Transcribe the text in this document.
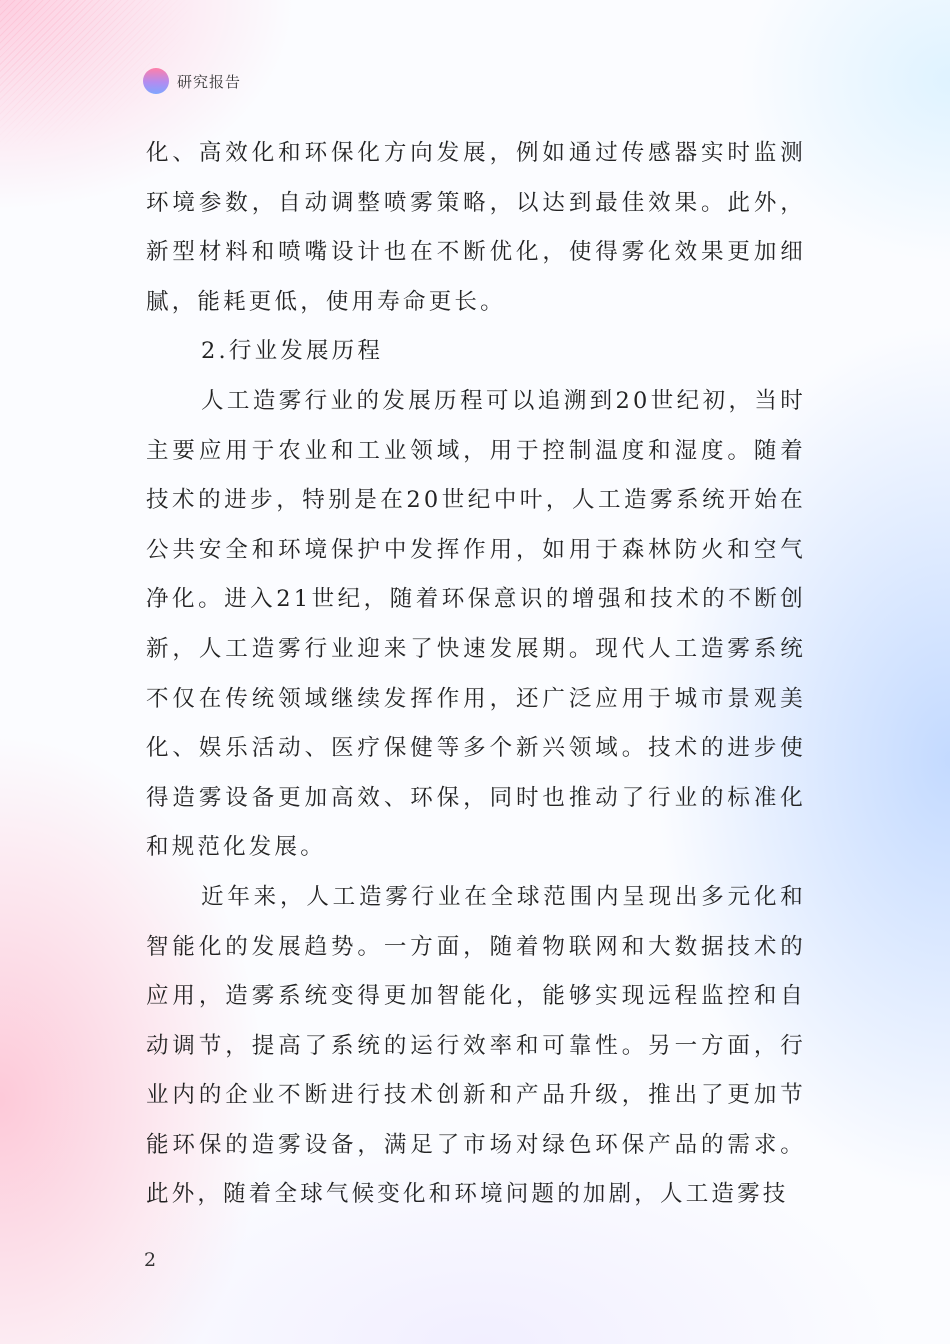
研究报告

化、高效化和环保化方向发展，例如通过传感器实时监测环境参数，自动调整喷雾策略，以达到最佳效果。此外，新型材料和喷嘴设计也在不断优化，使得雾化效果更加细腻，能耗更低，使用寿命更长。

2.行业发展历程

人工造雾行业的发展历程可以追溯到20世纪初，当时主要应用于农业和工业领域，用于控制温度和湿度。随着技术的进步，特别是在20世纪中叶，人工造雾系统开始在公共安全和环境保护中发挥作用，如用于森林防火和空气净化。进入21世纪，随着环保意识的增强和技术的不断创新，人工造雾行业迎来了快速发展期。现代人工造雾系统不仅在传统领域继续发挥作用，还广泛应用于城市景观美化、娱乐活动、医疗保健等多个新兴领域。技术的进步使得造雾设备更加高效、环保，同时也推动了行业的标准化和规范化发展。

近年来，人工造雾行业在全球范围内呈现出多元化和智能化的发展趋势。一方面，随着物联网和大数据技术的应用，造雾系统变得更加智能化，能够实现远程监控和自动调节，提高了系统的运行效率和可靠性。另一方面，行业内的企业不断进行技术创新和产品升级，推出了更加节能环保的造雾设备，满足了市场对绿色环保产品的需求。此外，随着全球气候变化和环境问题的加剧，人工造雾技

2
